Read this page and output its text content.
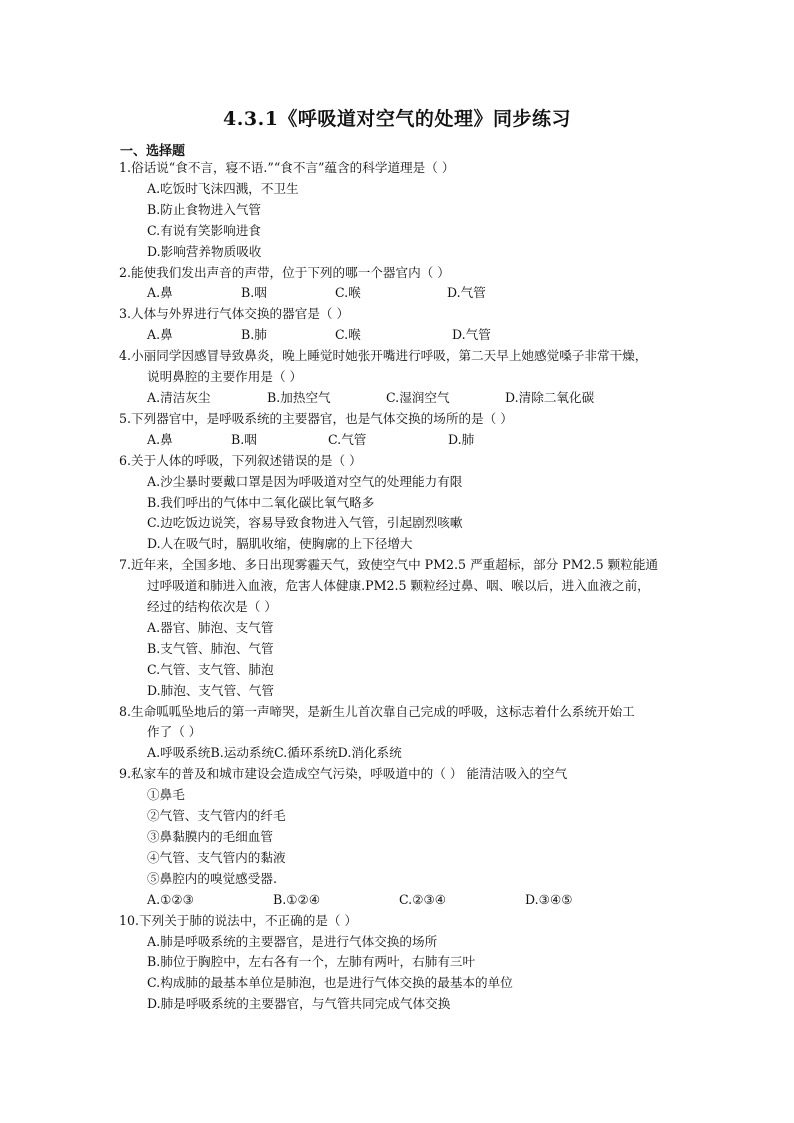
4.3.1《呼吸道对空气的处理》同步练习
一、选择题
1.俗话说“食不言，寝不语.”“食不言”蕴含的科学道理是（ ）
A.吃饭时飞沫四溅，不卫生
B.防止食物进入气管
C.有说有笑影响进食
D.影响营养物质吸收
2.能使我们发出声音的声带，位于下列的哪一个器官内（ ）
A.鼻	B.咽	C.喉	D.气管
3.人体与外界进行气体交换的器官是（ ）
A.鼻	B.肺	C.喉	D.气管
4.小丽同学因感冒导致鼻炎，晚上睡觉时她张开嘴进行呼吸，第二天早上她感觉嗓子非常干燥，
说明鼻腔的主要作用是（ ）
A.清洁灰尘	B.加热空气	C.湿润空气	D.清除二氧化碳
5.下列器官中，是呼吸系统的主要器官，也是气体交换的场所的是（ ）
A.鼻	B.咽	C.气管	D.肺
6.关于人体的呼吸，下列叙述错误的是（ ）
A.沙尘暴时要戴口罩是因为呼吸道对空气的处理能力有限
B.我们呼出的气体中二氧化碳比氧气略多
C.边吃饭边说笑，容易导致食物进入气管，引起剧烈咳嗽
D.人在吸气时，膈肌收缩，使胸廓的上下径增大
7.近年来，全国多地、多日出现雾霾天气，致使空气中 PM2.5 严重超标，部分 PM2.5 颗粒能通
过呼吸道和肺进入血液，危害人体健康.PM2.5 颗粒经过鼻、咽、喉以后，进入血液之前，
经过的结构依次是（ ）
A.器官、肺泡、支气管
B.支气管、肺泡、气管
C.气管、支气管、肺泡
D.肺泡、支气管、气管
8.生命呱呱坠地后的第一声啼哭，是新生儿首次靠自己完成的呼吸，这标志着什么系统开始工
作了（ ）
A.呼吸系统B.运动系统C.循环系统D.消化系统
9.私家车的普及和城市建设会造成空气污染，呼吸道中的（ ） 能清洁吸入的空气
①鼻毛
②气管、支气管内的纤毛
③鼻黏膜内的毛细血管
④气管、支气管内的黏液
⑤鼻腔内的嗅觉感受器.
A.①②③	B.①②④	C.②③④	D.③④⑤
10.下列关于肺的说法中，不正确的是（ ）
A.肺是呼吸系统的主要器官，是进行气体交换的场所
B.肺位于胸腔中，左右各有一个，左肺有两叶，右肺有三叶
C.构成肺的最基本单位是肺泡，也是进行气体交换的最基本的单位
D.肺是呼吸系统的主要器官，与气管共同完成气体交换
